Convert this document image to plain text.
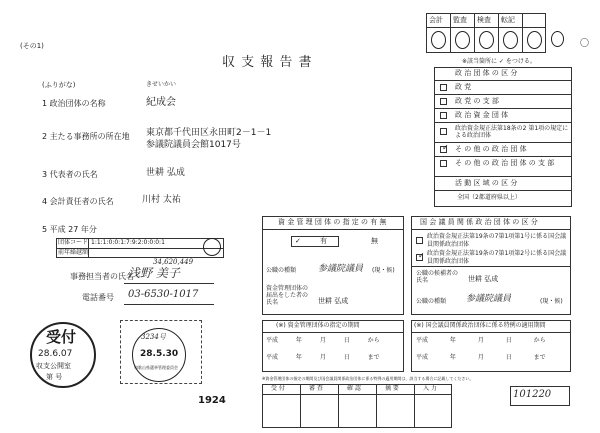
(その1)
収 支 報 告 書
会計 監査 検査 転記
※該当箇所に ✓ をつける。
(ふりがな)	きせいかい
1 政治団体の名称	紀成会
2 主たる事務所の所在地 東京都千代田区永田町2－1－1
参議院議員会館1017号
3 代表者の氏名	世耕 弘成
4 会計責任者の氏名	川村 太祐
5 平成 27 年分
団体コード 1:1:1:0:0:1:7:9:2:0:0:0:1
前年繰越額
34,620,449
事務担当者の氏名
浅野 美子
電話番号 03-6530-1017
政 治 団 体 の 区 分
政 党
政 党 の 支 部
政 治 資 金 団 体
政治資金規正法第18条の2 第1項の規定による政治団体
✓ そ の 他 の 政 治 団 体
そ の 他 の 政 治 団 体 の 支 部
活 動 区 域 の 区 分
全国（2都道府県以上）
資 金 管 理 団 体 の 指 定 の 有 無
✓	有	無
公職の種類 参議院議員 (現・候)
資金管理団体の届出をした者の氏名	世耕 弘成
国 会 議 員 関 係 政 治 団 体 の 区 分
政治資金規正法第19条の7第1項第1号に係る国会議員関係政治団体
✓ 政治資金規正法第19条の7第1項第2号に係る国会議員関係政治団体
公職の候補者の氏名	世耕 弘成
公職の種類 参議院議員	(現・候)
(※) 資金管理団体の指定の期間
平成 年 月 日 から
平成 年 月 日 まで
(※) 国会議員関係政治団体に係る特例の適用期間
平成 年 月 日 から
平成 年 月 日 まで
※資金管理団体の指定の期間及び国会議員関係政治団体に係る特例の適用期間は、該当する場合に記載してください。
受 付	審 査	確 認	摘 要	入 力
101220
受付
28.6.07
収支公開室
第 号
3234号
28.5.30
和歌山県選挙管理委員会
1924
〇
